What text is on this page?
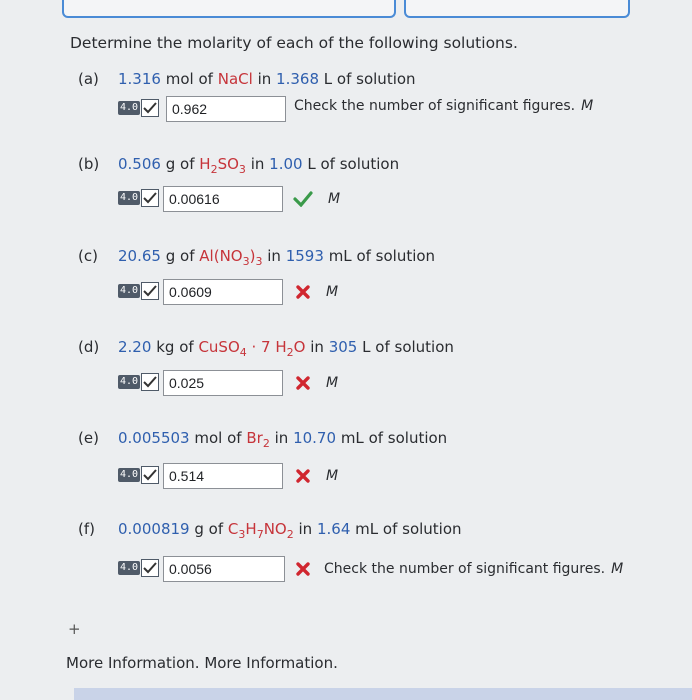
Determine the molarity of each of the following solutions.
(a) 1.316 mol of NaCl in 1.368 L of solution
4.0	0.962	Check the number of significant figures. M
(b) 0.506 g of $H_2SO_3$ in 1.00 L of solution
4.0	0.00616	M
(c) 20.65 g of $Al(NO_3)_3$ in 1593 mL of solution
4.0	0.0609	M
(d) 2.20 kg of CuSO$_4$ · 7 $H_2O$ in 305 L of solution
4.0	0.025	M
(e) 0.005503 mol of $Br_2$ in 10.70 mL of solution
4.0	0.514	M
(f) 0.000819 g of $C_3H_7NO_2$ in 1.64 mL of solution
4.0	0.0056	Check the number of significant figures. M
+
More Information. More Information.
